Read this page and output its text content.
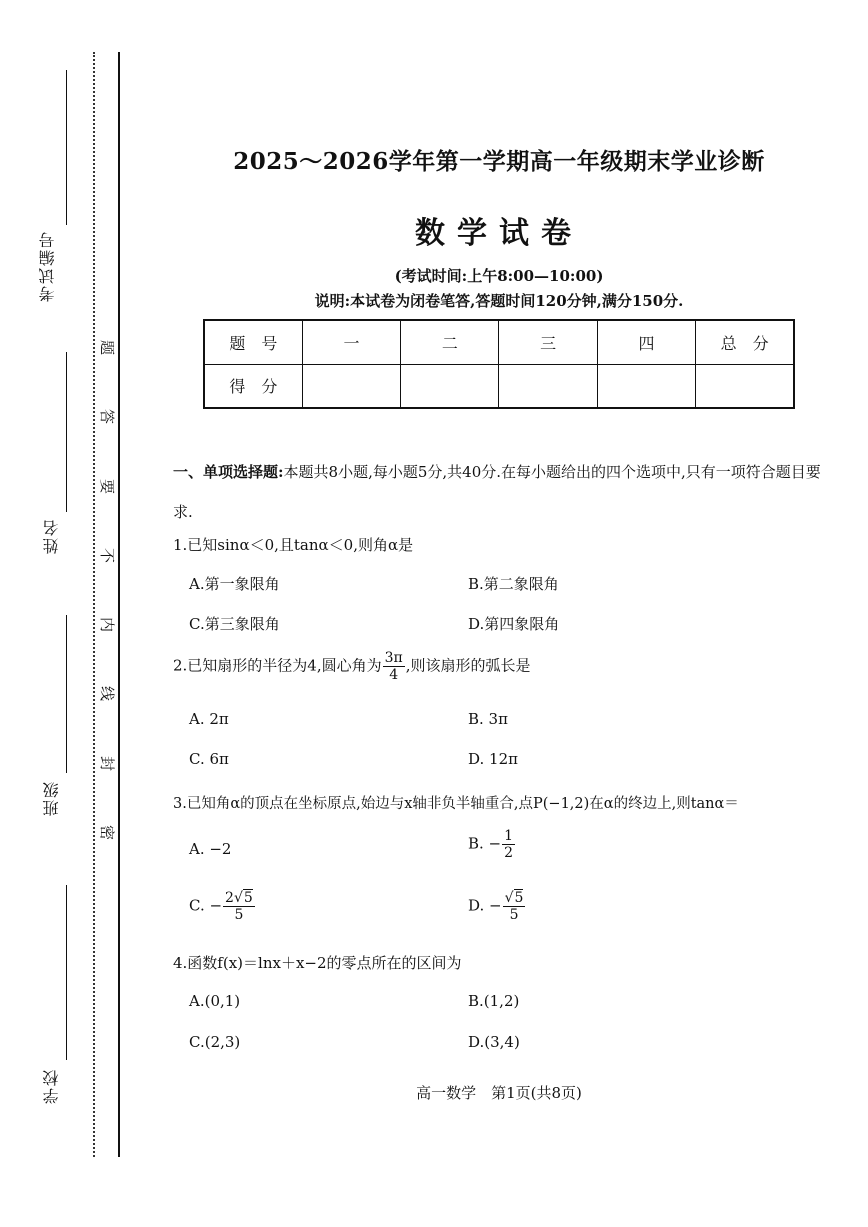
考试编号
姓名
班级
学校
题
答
要
不
内
线
封
密
2025～2026学年第一学期高一年级期末学业诊断
数学试卷
(考试时间:上午8:00—10:00)
说明:本试卷为闭卷笔答,答题时间120分钟,满分150分.
题　号	一	二	三	四	总　分
得　分					
一、单项选择题:本题共8小题,每小题5分,共40分.在每小题给出的四个选项中,只有一项符合题目要求.
1.已知sinα＜0,且tanα＜0,则角α是
A.第一象限角	B.第二象限角
C.第三象限角	D.第四象限角
2.已知扇形的半径为4,圆心角为 $\frac{3\pi}{4}$ ,则该扇形的弧长是
A. 2π	B. 3π
C. 6π	D. 12π
3.已知角α的顶点在坐标原点,始边与x轴非负半轴重合,点P(−1,2)在α的终边上,则tanα＝
A. −2	B. − $\frac{1}{2}$
C. − $\frac{2√5}{5}$	D. − $\frac{√5}{5}$
4.函数f(x)＝lnx＋x−2的零点所在的区间为
A.(0,1)	B.(1,2)
C.(2,3)	D.(3,4)
高一数学　第1页(共8页)
